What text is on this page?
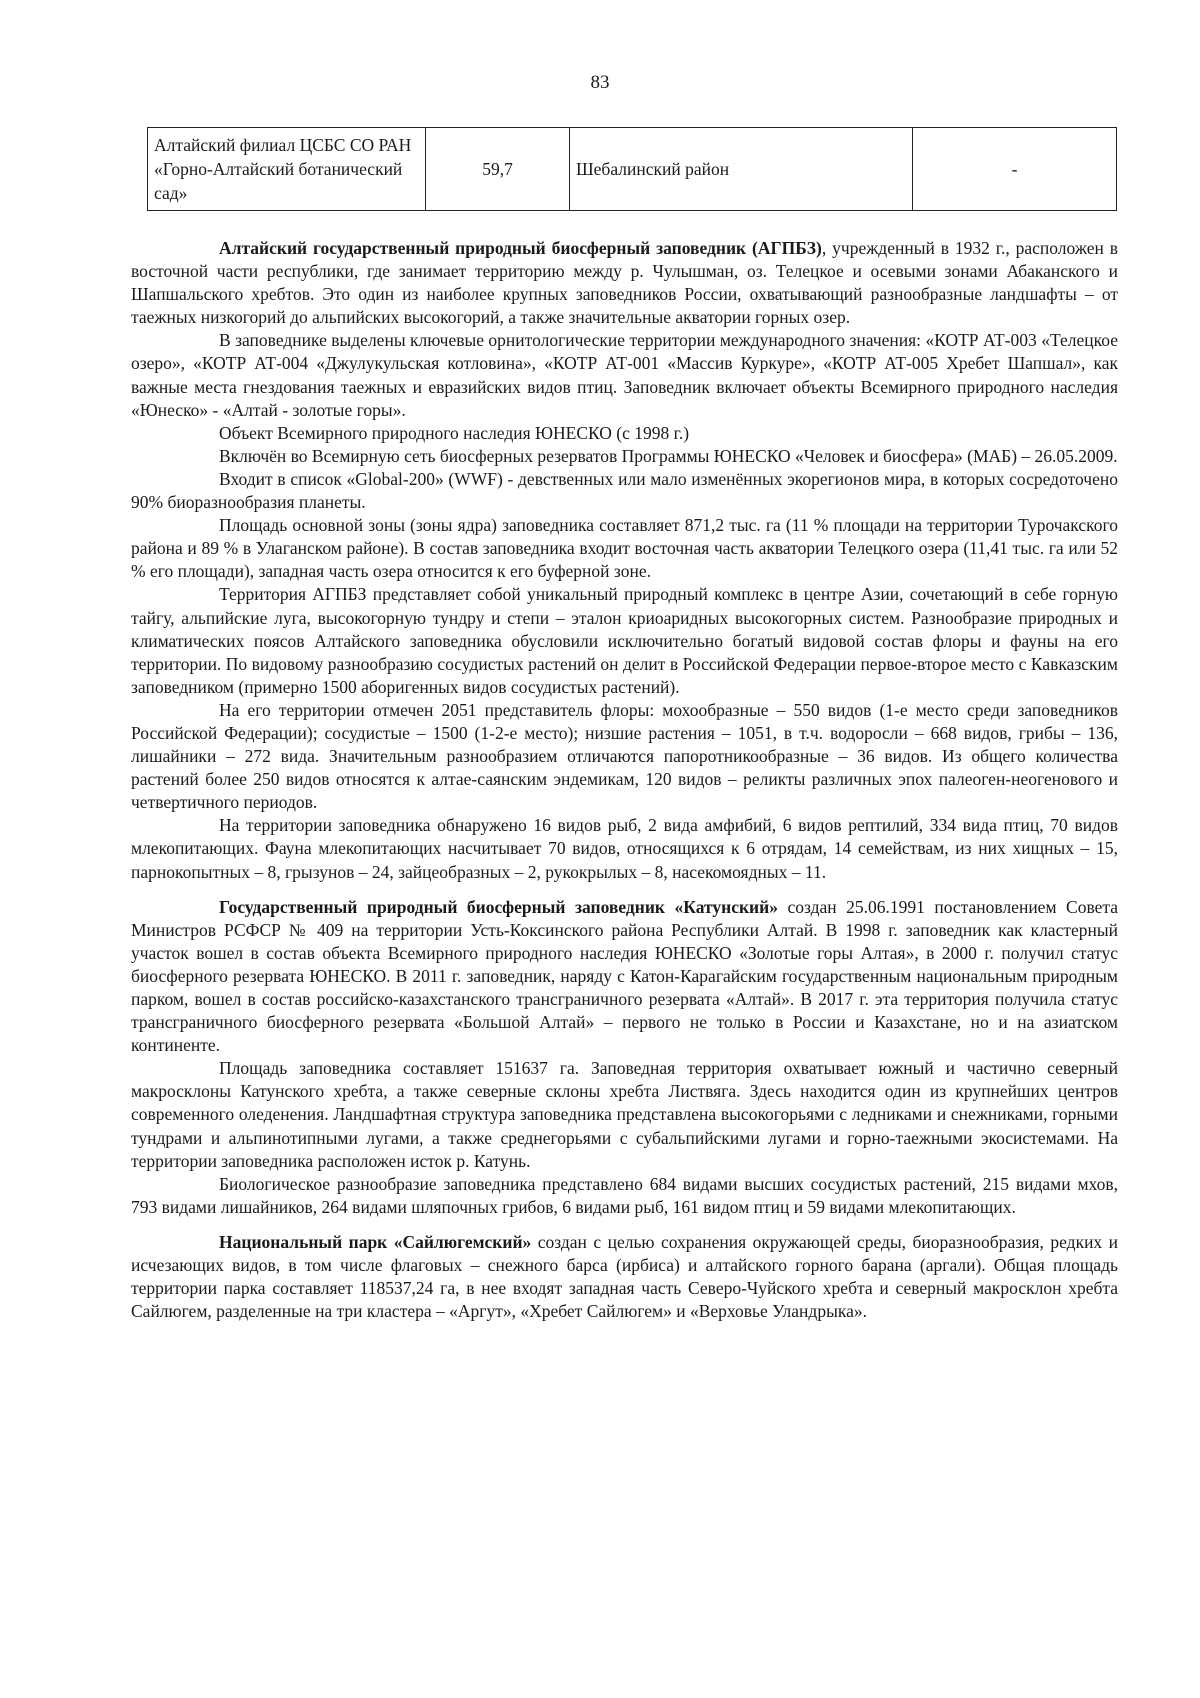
83
Алтайский филиал ЦСБС СО РАН «Горно-Алтайский ботанический сад»	59,7	Шебалинский район	-

Алтайский государственный природный биосферный заповедник (АГПБЗ), учрежденный в 1932 г., расположен в восточной части республики, где занимает территорию между р. Чулышман, оз. Телецкое и осевыми зонами Абаканского и Шапшальского хребтов. Это один из наиболее крупных заповедников России, охватывающий разнообразные ландшафты – от таежных низкогорий до альпийских высокогорий, а также значительные акватории горных озер.

В заповеднике выделены ключевые орнитологические территории международного значения: «КОТР АТ-003 «Телецкое озеро», «КОТР АТ-004 «Джулукульская котловина», «КОТР АТ-001 «Массив Куркуре», «КОТР АТ-005 Хребет Шапшал», как важные места гнездования таежных и евразийских видов птиц. Заповедник включает объекты Всемирного природного наследия «Юнеско» - «Алтай - золотые горы».

Объект Всемирного природного наследия ЮНЕСКО (с 1998 г.)

Включён во Всемирную сеть биосферных резерватов Программы ЮНЕСКО «Человек и биосфера» (МАБ) – 26.05.2009.

Входит в список «Global-200» (WWF) - девственных или мало изменённых экорегионов мира, в которых сосредоточено 90% биоразнообразия планеты.

Площадь основной зоны (зоны ядра) заповедника составляет 871,2 тыс. га (11 % площади на территории Турочакского района и 89 % в Улаганском районе). В состав заповедника входит восточная часть акватории Телецкого озера (11,41 тыс. га или 52 % его площади), западная часть озера относится к его буферной зоне.

Территория АГПБЗ представляет собой уникальный природный комплекс в центре Азии, сочетающий в себе горную тайгу, альпийские луга, высокогорную тундру и степи – эталон криоаридных высокогорных систем. Разнообразие природных и климатических поясов Алтайского заповедника обусловили исключительно богатый видовой состав флоры и фауны на его территории. По видовому разнообразию сосудистых растений он делит в Российской Федерации первое-второе место с Кавказским заповедником (примерно 1500 аборигенных видов сосудистых растений).

На его территории отмечен 2051 представитель флоры: мохообразные – 550 видов (1-е место среди заповедников Российской Федерации); сосудистые – 1500 (1-2-е место); низшие растения – 1051, в т.ч. водоросли – 668 видов, грибы – 136, лишайники – 272 вида. Значительным разнообразием отличаются папоротникообразные – 36 видов. Из общего количества растений более 250 видов относятся к алтае-саянским эндемикам, 120 видов – реликты различных эпох палеоген-неогенового и четвертичного периодов.

На территории заповедника обнаружено 16 видов рыб, 2 вида амфибий, 6 видов рептилий, 334 вида птиц, 70 видов млекопитающих. Фауна млекопитающих насчитывает 70 видов, относящихся к 6 отрядам, 14 семействам, из них хищных – 15, парнокопытных – 8, грызунов – 24, зайцеобразных – 2, рукокрылых – 8, насекомоядных – 11.

Государственный природный биосферный заповедник «Катунский» создан 25.06.1991 постановлением Совета Министров РСФСР № 409 на территории Усть-Коксинского района Республики Алтай. В 1998 г. заповедник как кластерный участок вошел в состав объекта Всемирного природного наследия ЮНЕСКО «Золотые горы Алтая», в 2000 г. получил статус биосферного резервата ЮНЕСКО. В 2011 г. заповедник, наряду с Катон-Карагайским государственным национальным природным парком, вошел в состав российско-казахстанского трансграничного резервата «Алтай». В 2017 г. эта территория получила статус трансграничного биосферного резервата «Большой Алтай» – первого не только в России и Казахстане, но и на азиатском континенте.

Площадь заповедника составляет 151637 га. Заповедная территория охватывает южный и частично северный макросклоны Катунского хребта, а также северные склоны хребта Листвяга. Здесь находится один из крупнейших центров современного оледенения. Ландшафтная структура заповедника представлена высокогорьями с ледниками и снежниками, горными тундрами и альпинотипными лугами, а также среднегорьями с субальпийскими лугами и горно-таежными экосистемами. На территории заповедника расположен исток р. Катунь.

Биологическое разнообразие заповедника представлено 684 видами высших сосудистых растений, 215 видами мхов, 793 видами лишайников, 264 видами шляпочных грибов, 6 видами рыб, 161 видом птиц и 59 видами млекопитающих.

Национальный парк «Сайлюгемский» создан с целью сохранения окружающей среды, биоразнообразия, редких и исчезающих видов, в том числе флаговых – снежного барса (ирбиса) и алтайского горного барана (аргали). Общая площадь территории парка составляет 118537,24 га, в нее входят западная часть Северо-Чуйского хребта и северный макросклон хребта Сайлюгем, разделенные на три кластера – «Аргут», «Хребет Сайлюгем» и «Верховье Уландрыка».
